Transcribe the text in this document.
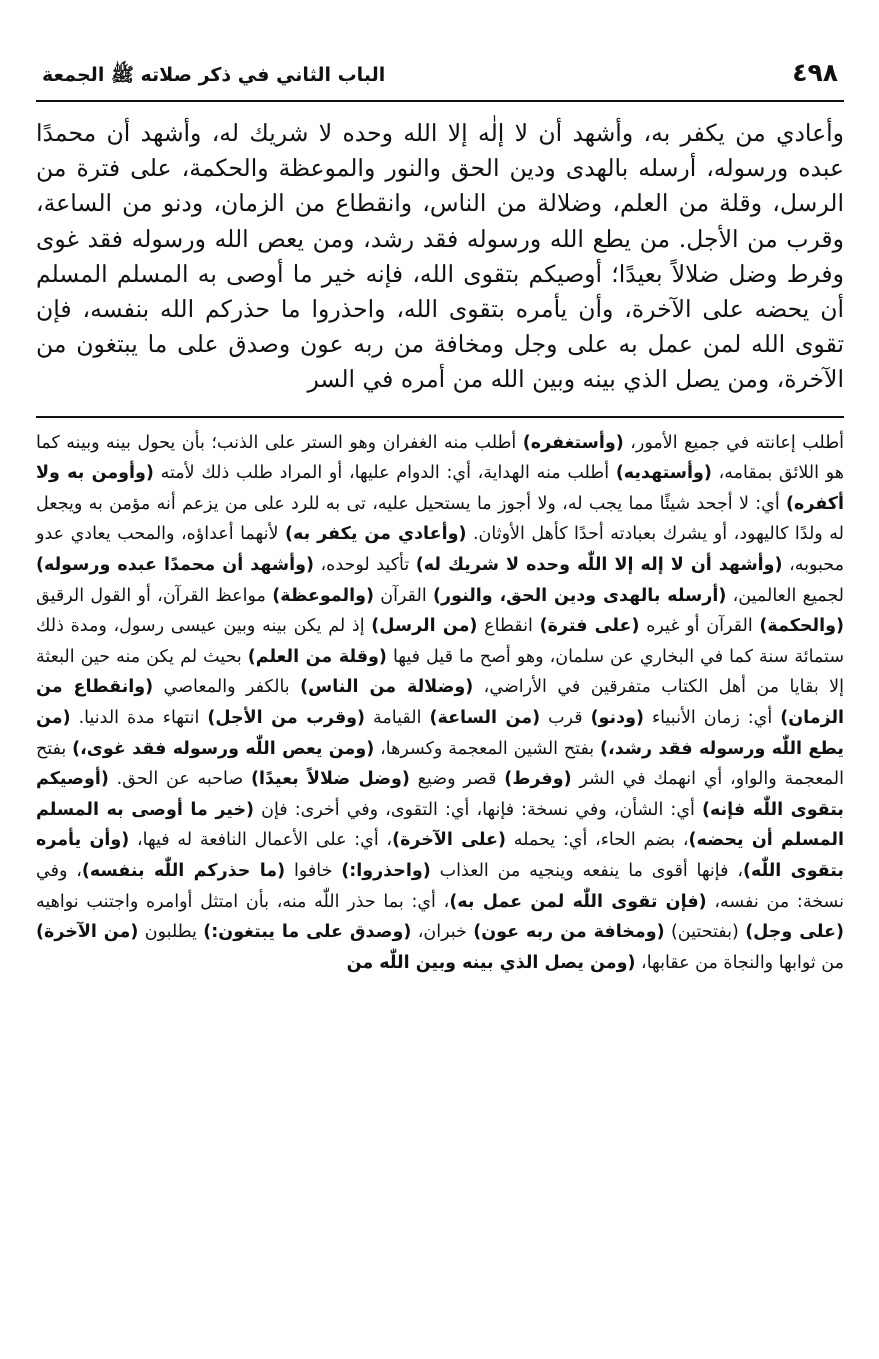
٤٩٨
الباب الثاني في ذكر صلاته ﷺ الجمعة

وأعادي من يكفر به، وأشهد أن لا إلٰه إلا الله وحده لا شريك له، وأشهد أن محمدًا عبده ورسوله، أرسله بالهدى ودين الحق والنور والموعظة والحكمة، على فترة من الرسل، وقلة من العلم، وضلالة من الناس، وانقطاع من الزمان، ودنو من الساعة، وقرب من الأجل. من يطع الله ورسوله فقد رشد، ومن يعص الله ورسوله فقد غوى وفرط وضل ضلالاً بعيدًا؛ أوصيكم بتقوى الله، فإنه خير ما أوصى به المسلم المسلم أن يحضه على الآخرة، وأن يأمره بتقوى الله، واحذروا ما حذركم الله بنفسه، فإن تقوى الله لمن عمل به على وجل ومخافة من ربه عون وصدق على ما يبتغون من الآخرة، ومن يصل الذي بينه وبين الله من أمره في السر

أطلب إعانته في جميع الأمور، (وأستغفره) أطلب منه الغفران وهو الستر على الذنب؛ بأن يحول بينه وبينه كما هو اللائق بمقامه، (وأستهديه) أطلب منه الهداية، أي: الدوام عليها، أو المراد طلب ذلك لأمته (وأومن به ولا أكفره) أي: لا أجحد شيئًا مما يجب له، ولا أجوز ما يستحيل عليه، تى به للرد على من يزعم أنه مؤمن به ويجعل له ولدًا كاليهود، أو يشرك بعبادته أحدًا كأهل الأوثان. (وأعادي من يكفر به) لأنهما أعداؤه، والمحب يعادي عدو محبوبه، (وأشهد أن لا إله إلا اللّٰه وحده لا شريك له) تأكيد لوحده، (وأشهد أن محمدًا عبده ورسوله) لجميع العالمين، (أرسله بالهدى ودين الحق، والنور) القرآن (والموعظة) مواعظ القرآن، أو القول الرقيق (والحكمة) القرآن أو غيره (على فترة) انقطاع (من الرسل) إذ لم يكن بينه وبين عيسى رسول، ومدة ذلك ستمائة سنة كما في البخاري عن سلمان، وهو أصح ما قيل فيها (وقلة من العلم) بحيث لم يكن منه حين البعثة إلا بقايا من أهل الكتاب متفرقين في الأراضي، (وضلالة من الناس) بالكفر والمعاصي (وانقطاع من الزمان) أي: زمان الأنبياء (ودنو) قرب (من الساعة) القيامة (وقرب من الأجل) انتهاء مدة الدنيا. (من يطع اللّٰه ورسوله فقد رشد،) بفتح الشين المعجمة وكسرها، (ومن يعص اللّٰه ورسوله فقد غوى،) بفتح المعجمة والواو، أي انهمك في الشر (وفرط) قصر وضيع (وضل ضلالاً بعيدًا) صاحبه عن الحق. (أوصيكم بتقوى اللّٰه فإنه) أي: الشأن، وفي نسخة: فإنها، أي: التقوى، وفي أخرى: فإن (خير ما أوصى به المسلم المسلم أن يحضه)، بضم الحاء، أي: يحمله (على الآخرة)، أي: على الأعمال النافعة له فيها، (وأن يأمره بتقوى اللّٰه)، فإنها أقوى ما ينفعه وينجيه من العذاب (واحذروا:) خافوا (ما حذركم اللّٰه بنفسه)، وفي نسخة: من نفسه، (فإن تقوى اللّٰه لمن عمل به)، أي: بما حذر اللّٰه منه، بأن امتثل أوامره واجتنب نواهيه (على وجل) (بفتحتين) (ومخافة من ربه عون) خبران، (وصدق على ما يبتغون:) يطلبون (من الآخرة) من ثوابها والنجاة من عقابها، (ومن يصل الذي بينه وبين اللّٰه من
